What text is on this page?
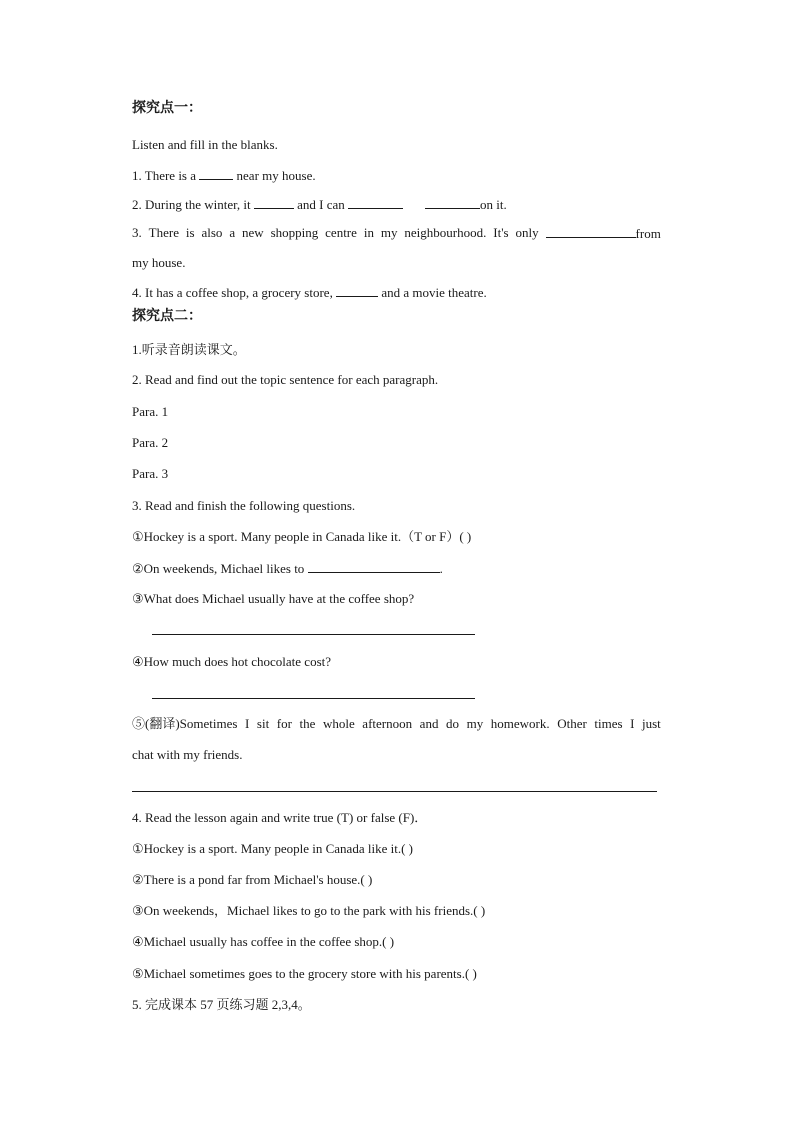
探究点一：
Listen and fill in the blanks.
1. There is a	near my house.
2. During the winter, it	and I can	on it.
3. There is also a new shopping centre in my neighbourhood. It's only	from
my house.
4. It has a coffee shop, a grocery store,	and a movie theatre.
探究点二：
1.听录音朗读课文。
2. Read and find out the topic sentence for each paragraph.
Para. 1
Para. 2
Para. 3
3. Read and finish the following questions.
①Hockey is a sport. Many people in Canada like it.（T or F）( )
②On weekends, Michael likes to	.
③What does Michael usually have at the coffee shop?
④How much does hot chocolate cost?
⑤(翻译)Sometimes I sit for the whole afternoon and do my homework. Other times I just
chat with my friends.
4. Read the lesson again and write true (T) or false (F)．
①Hockey is a sport. Many people in Canada like it.( )
②There is a pond far from Michael's house.( )
③On weekends，Michael likes to go to the park with his friends.( )
④Michael usually has coffee in the coffee shop.( )
⑤Michael sometimes goes to the grocery store with his parents.( )
5. 完成课本 57 页练习题 2,3,4。
